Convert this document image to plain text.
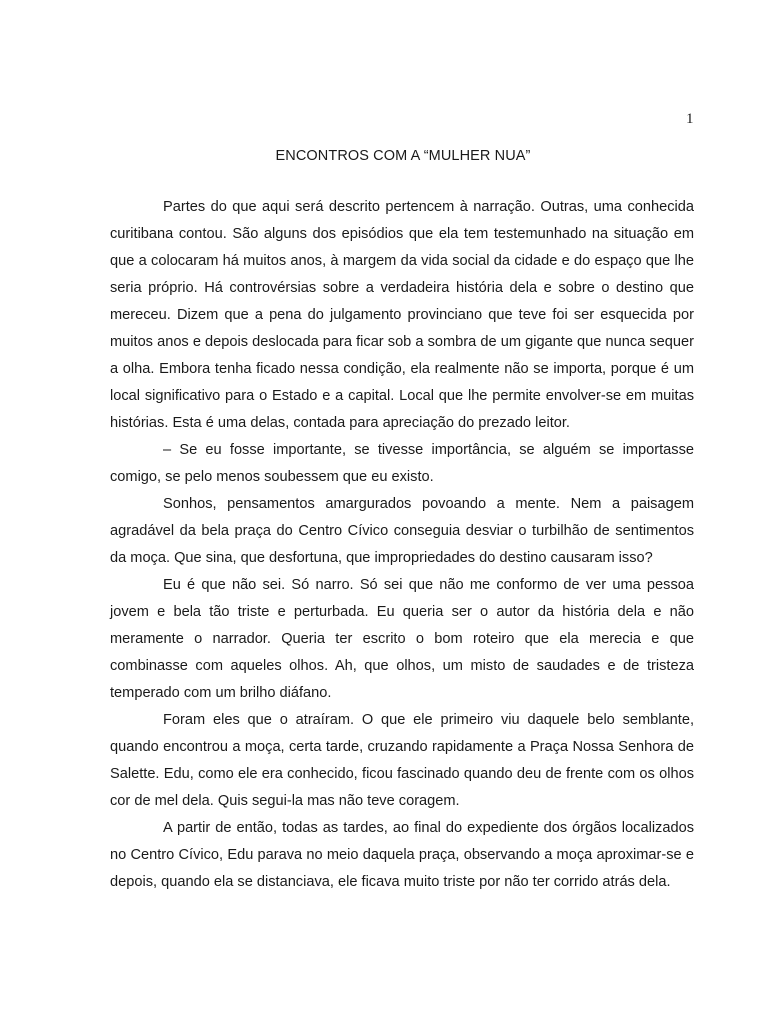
1
ENCONTROS COM A “MULHER NUA”

Partes do que aqui será descrito pertencem à narração. Outras, uma conhecida curitibana contou. São alguns dos episódios que ela tem testemunhado na situação em que a colocaram há muitos anos, à margem da vida social da cidade e do espaço que lhe seria próprio. Há controvérsias sobre a verdadeira história dela e sobre o destino que mereceu. Dizem que a pena do julgamento provinciano que teve foi ser esquecida por muitos anos e depois deslocada para ficar sob a sombra de um gigante que nunca sequer a olha. Embora tenha ficado nessa condição, ela realmente não se importa, porque é um local significativo para o Estado e a capital. Local que lhe permite envolver-se em muitas histórias. Esta é uma delas, contada para apreciação do prezado leitor.

– Se eu fosse importante, se tivesse importância, se alguém se importasse comigo, se pelo menos soubessem que eu existo.

Sonhos, pensamentos amargurados povoando a mente. Nem a paisagem agradável da bela praça do Centro Cívico conseguia desviar o turbilhão de sentimentos da moça. Que sina, que desfortuna, que impropriedades do destino causaram isso?

Eu é que não sei. Só narro. Só sei que não me conformo de ver uma pessoa jovem e bela tão triste e perturbada. Eu queria ser o autor da história dela e não meramente o narrador. Queria ter escrito o bom roteiro que ela merecia e que combinasse com aqueles olhos. Ah, que olhos, um misto de saudades e de tristeza temperado com um brilho diáfano.

Foram eles que o atraíram. O que ele primeiro viu daquele belo semblante, quando encontrou a moça, certa tarde, cruzando rapidamente a Praça Nossa Senhora de Salette. Edu, como ele era conhecido, ficou fascinado quando deu de frente com os olhos cor de mel dela. Quis segui-la mas não teve coragem.

A partir de então, todas as tardes, ao final do expediente dos órgãos localizados no Centro Cívico, Edu parava no meio daquela praça, observando a moça aproximar-se e depois, quando ela se distanciava, ele ficava muito triste por não ter corrido atrás dela.
